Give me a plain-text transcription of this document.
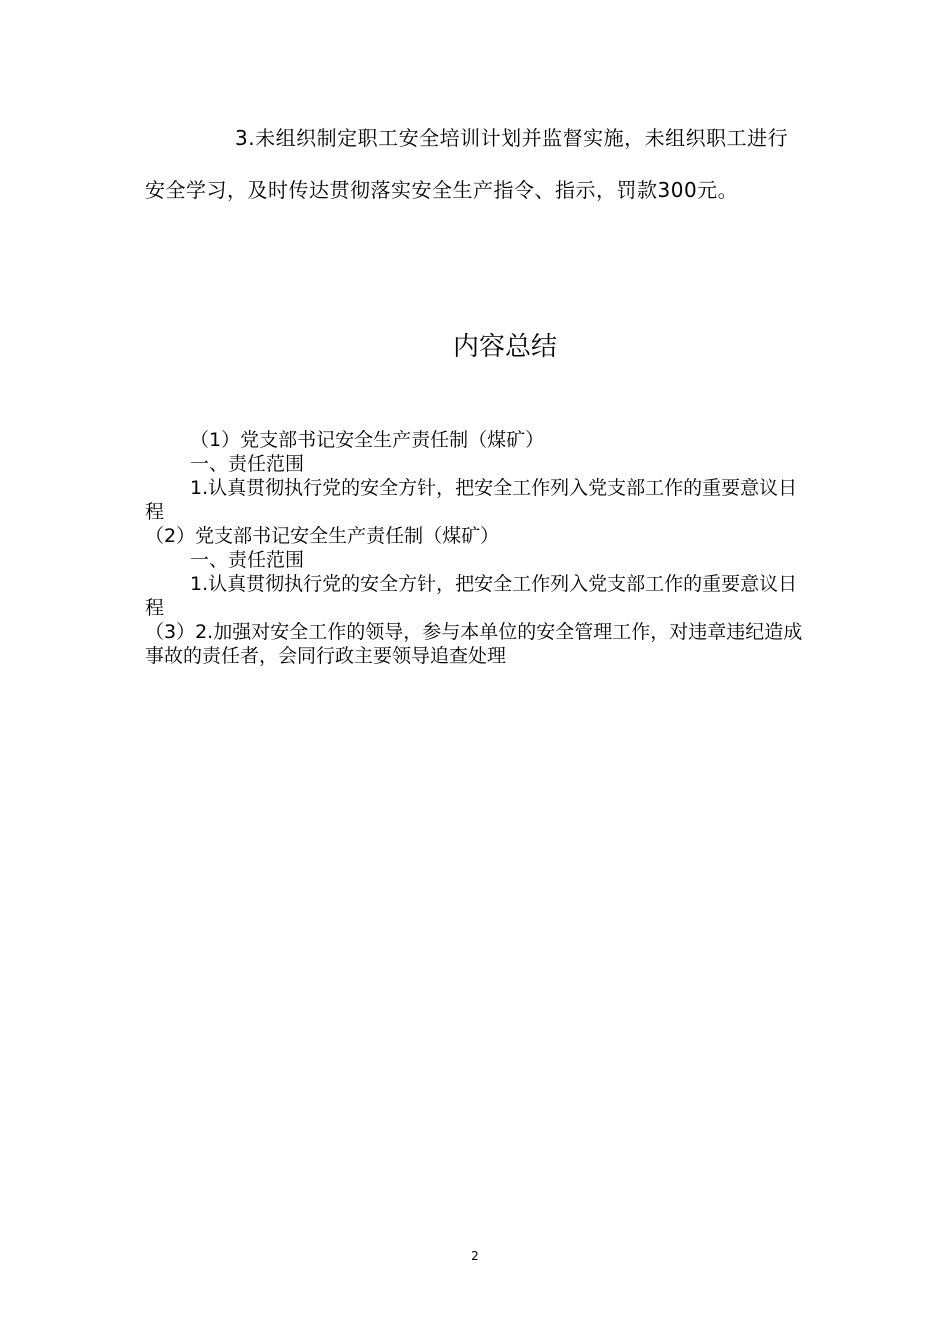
3.未组织制定职工安全培训计划并监督实施，未组织职工进行安全学习，及时传达贯彻落实安全生产指令、指示，罚款300元。

内容总结

（1）党支部书记安全生产责任制（煤矿）

一、责任范围

1.认真贯彻执行党的安全方针，把安全工作列入党支部工作的重要意议日程

（2）党支部书记安全生产责任制（煤矿）

一、责任范围

1.认真贯彻执行党的安全方针，把安全工作列入党支部工作的重要意议日程

（3）2.加强对安全工作的领导，参与本单位的安全管理工作，对违章违纪造成事故的责任者，会同行政主要领导追查处理

2
